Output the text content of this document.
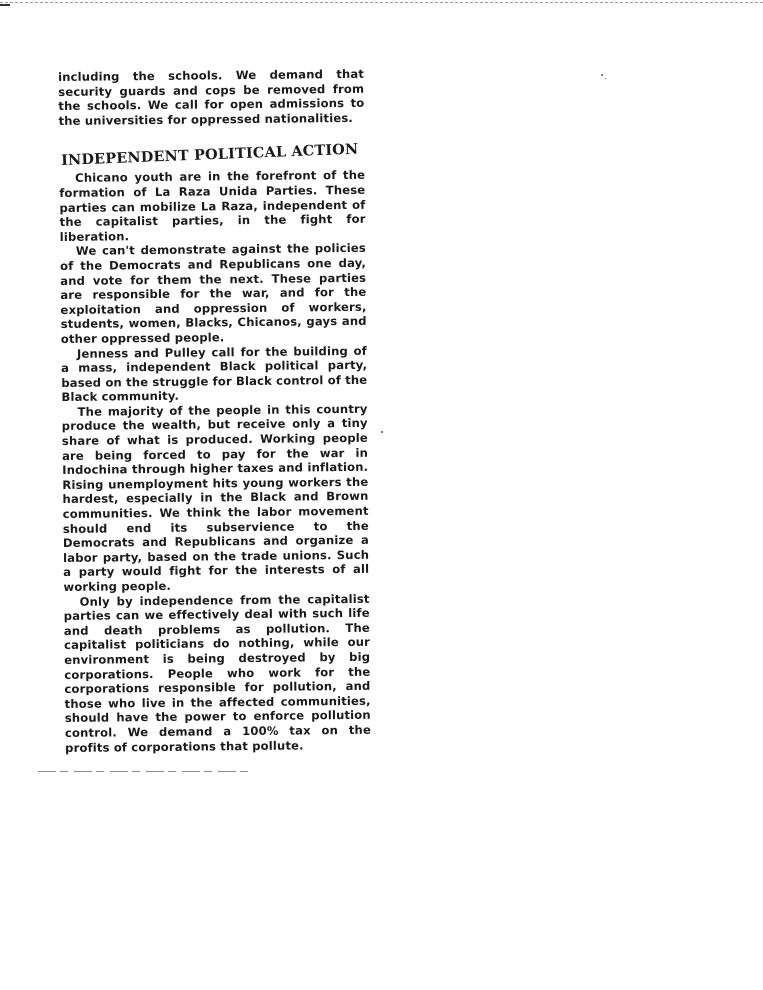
including the schools. We demand that security guards and cops be removed from the schools. We call for open admissions to the universities for oppressed nationalities.

INDEPENDENT POLITICAL ACTION

Chicano youth are in the forefront of the formation of La Raza Unida Parties. These parties can mobilize La Raza, independent of the capitalist parties, in the fight for liberation.

We can't demonstrate against the policies of the Democrats and Republicans one day, and vote for them the next. These parties are responsible for the war, and for the exploitation and oppression of workers, students, women, Blacks, Chicanos, gays and other oppressed people.

Jenness and Pulley call for the building of a mass, independent Black political party, based on the struggle for Black control of the Black community.

The majority of the people in this country produce the wealth, but receive only a tiny share of what is produced. Working people are being forced to pay for the war in Indochina through higher taxes and inflation. Rising unemployment hits young workers the hardest, especially in the Black and Brown communities. We think the labor movement should end its subservience to the Democrats and Republicans and organize a labor party, based on the trade unions. Such a party would fight for the interests of all working people.

Only by independence from the capitalist parties can we effectively deal with such life and death problems as pollution. The capitalist politicians do nothing, while our environment is being destroyed by big corporations. People who work for the corporations responsible for pollution, and those who live in the affected communities, should have the power to enforce pollution control. We demand a 100% tax on the profits of corporations that pollute.
